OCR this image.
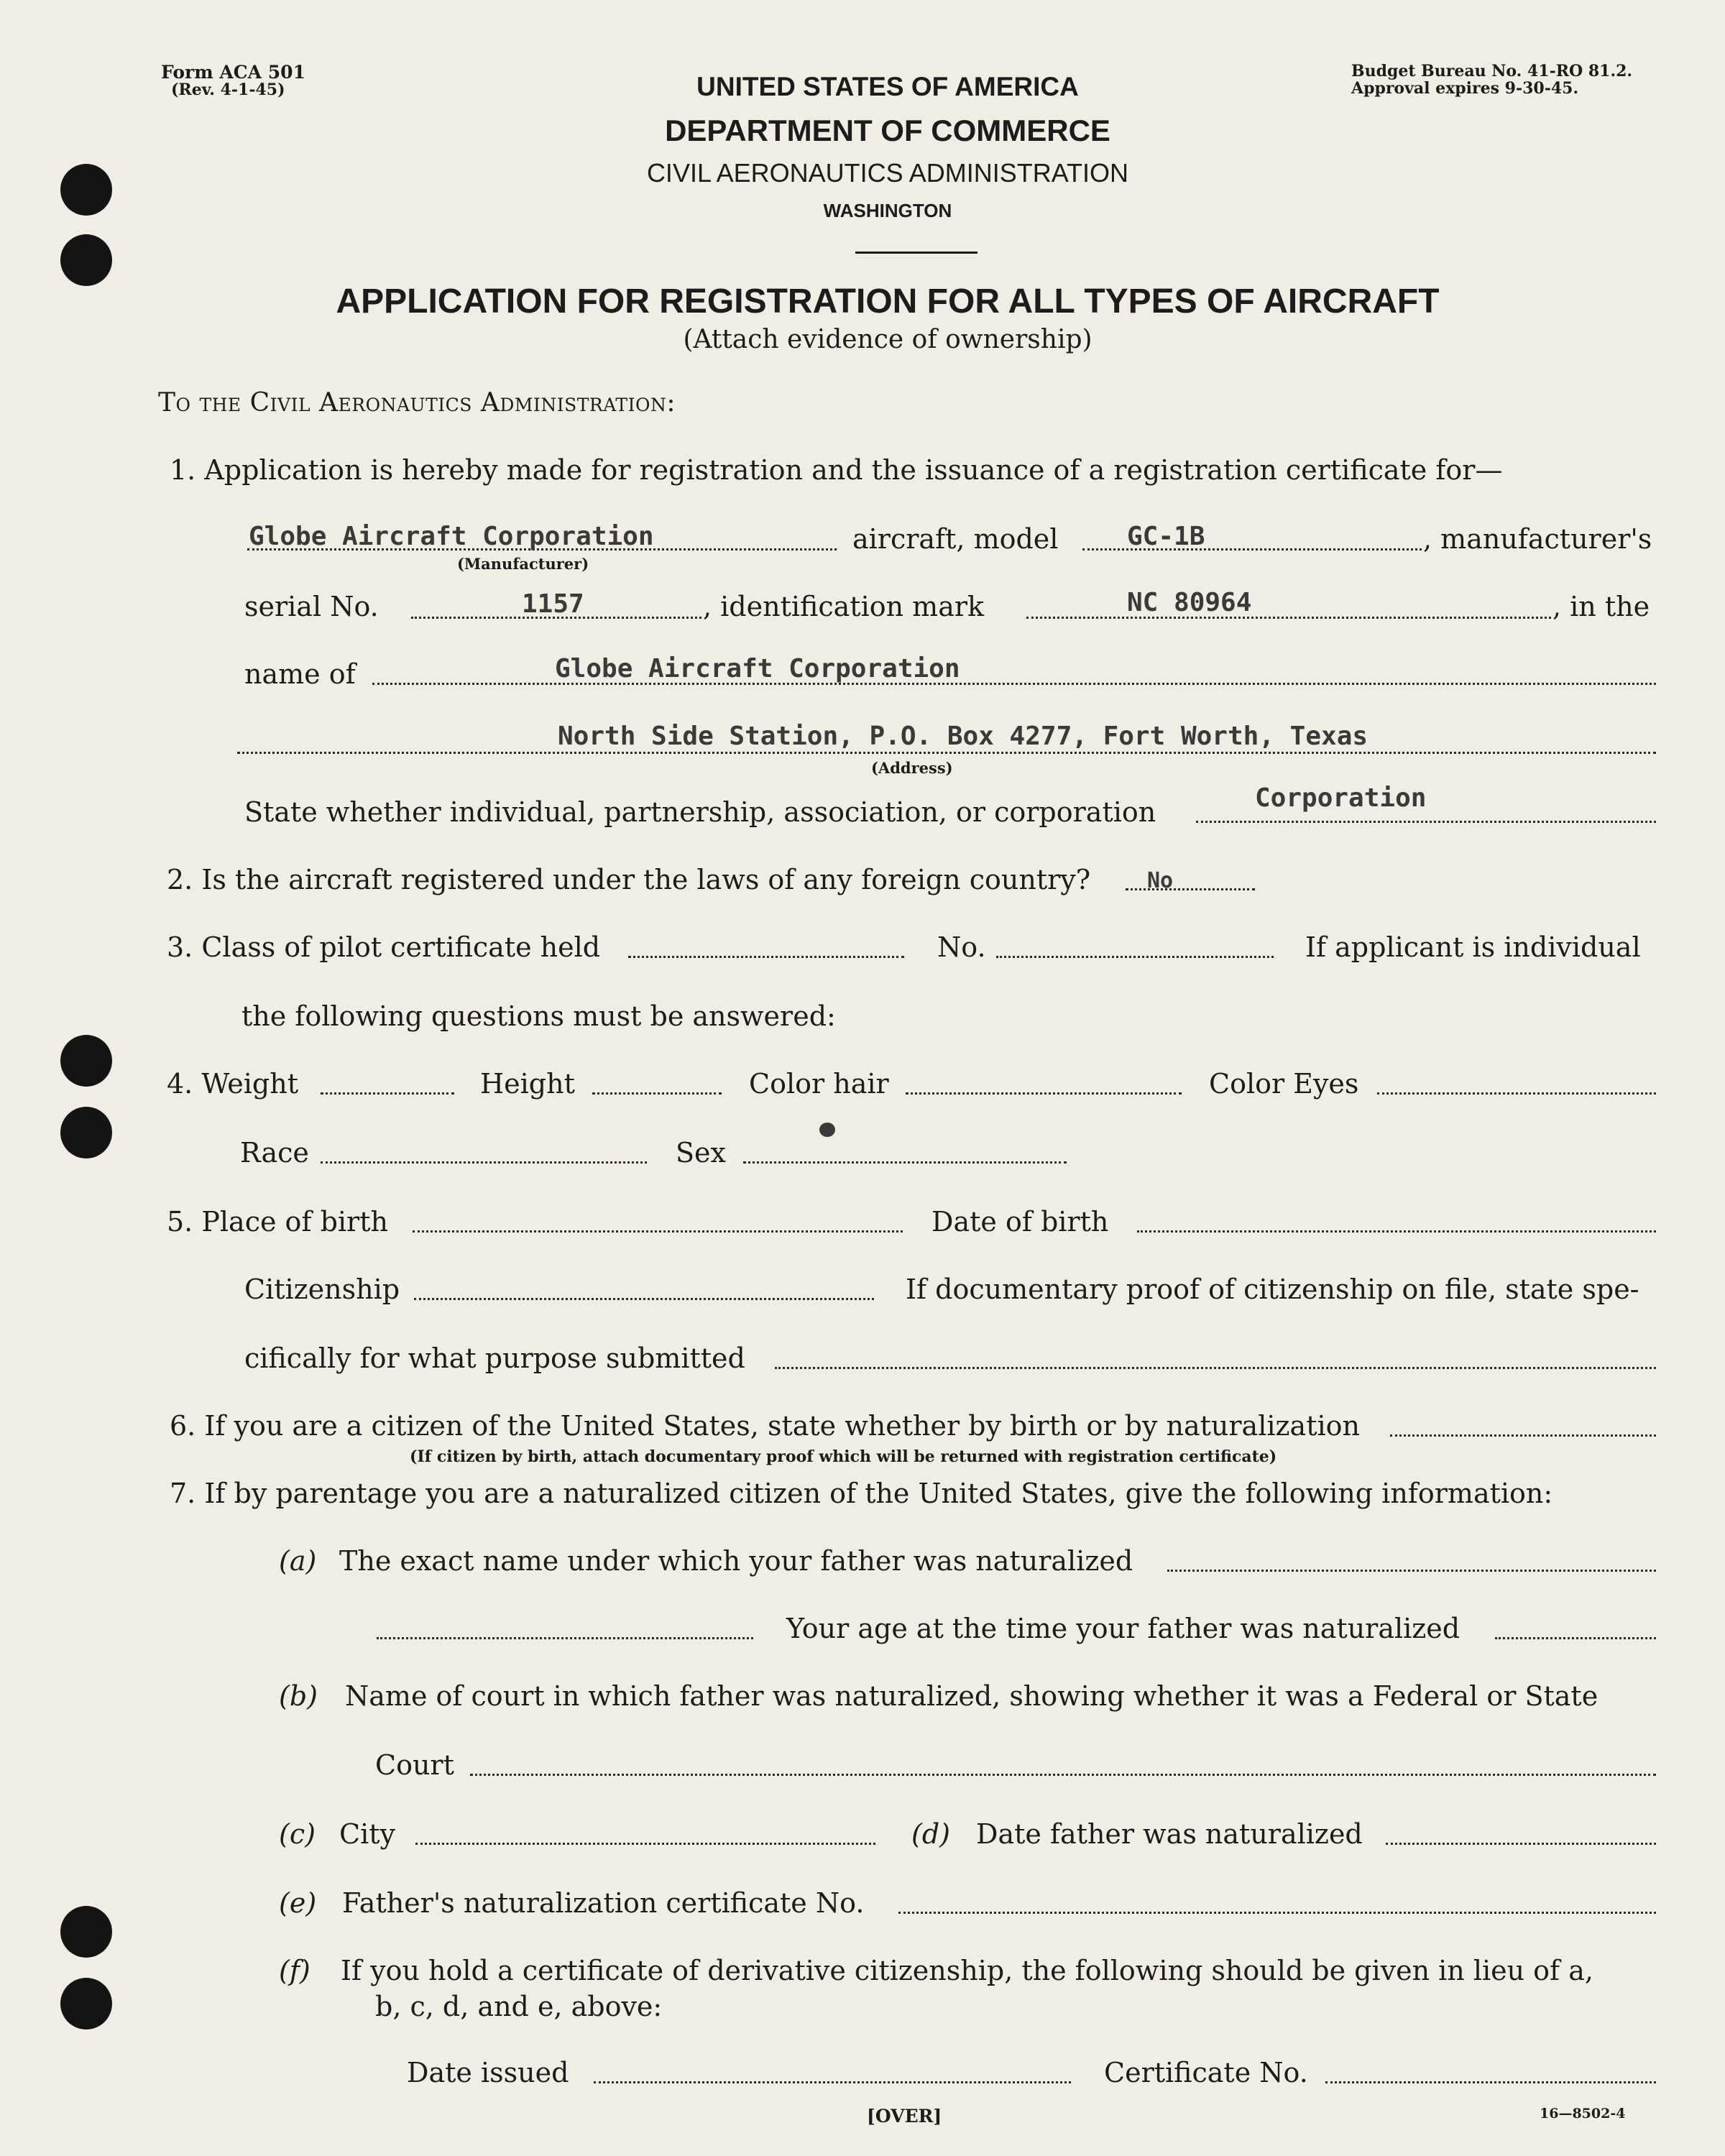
Form ACA 501
(Rev. 4-1-45)
Budget Bureau No. 41-RO 81.2.
Approval expires 9-30-45.
UNITED STATES OF AMERICA
DEPARTMENT OF COMMERCE
CIVIL AERONAUTICS ADMINISTRATION
WASHINGTON
APPLICATION FOR REGISTRATION FOR ALL TYPES OF AIRCRAFT
(Attach evidence of ownership)
To the Civil Aeronautics Administration:
1. Application is hereby made for registration and the issuance of a registration certificate for—
Globe Aircraft Corporation
(Manufacturer)
aircraft, model	GC-1B	, manufacturer's
serial No.	1157	, identification mark	NC 80964	, in the
name of	Globe Aircraft Corporation
North Side Station, P.O. Box 4277, Fort Worth, Texas
(Address)
State whether individual, partnership, association, or corporation	Corporation
2. Is the aircraft registered under the laws of any foreign country?	No
3. Class of pilot certificate held	No.	If applicant is individual
the following questions must be answered:
4. Weight	Height	Color hair	Color Eyes
Race	Sex
5. Place of birth	Date of birth
Citizenship	If documentary proof of citizenship on file, state spe-
cifically for what purpose submitted
6. If you are a citizen of the United States, state whether by birth or by naturalization
(If citizen by birth, attach documentary proof which will be returned with registration certificate)
7. If by parentage you are a naturalized citizen of the United States, give the following information:
(a) The exact name under which your father was naturalized
Your age at the time your father was naturalized
(b) Name of court in which father was naturalized, showing whether it was a Federal or State
Court
(c) City	(d) Date father was naturalized
(e) Father's naturalization certificate No.
(f) If you hold a certificate of derivative citizenship, the following should be given in lieu of a,
b, c, d, and e, above:
Date issued	Certificate No.
[OVER]	16—8502-4
